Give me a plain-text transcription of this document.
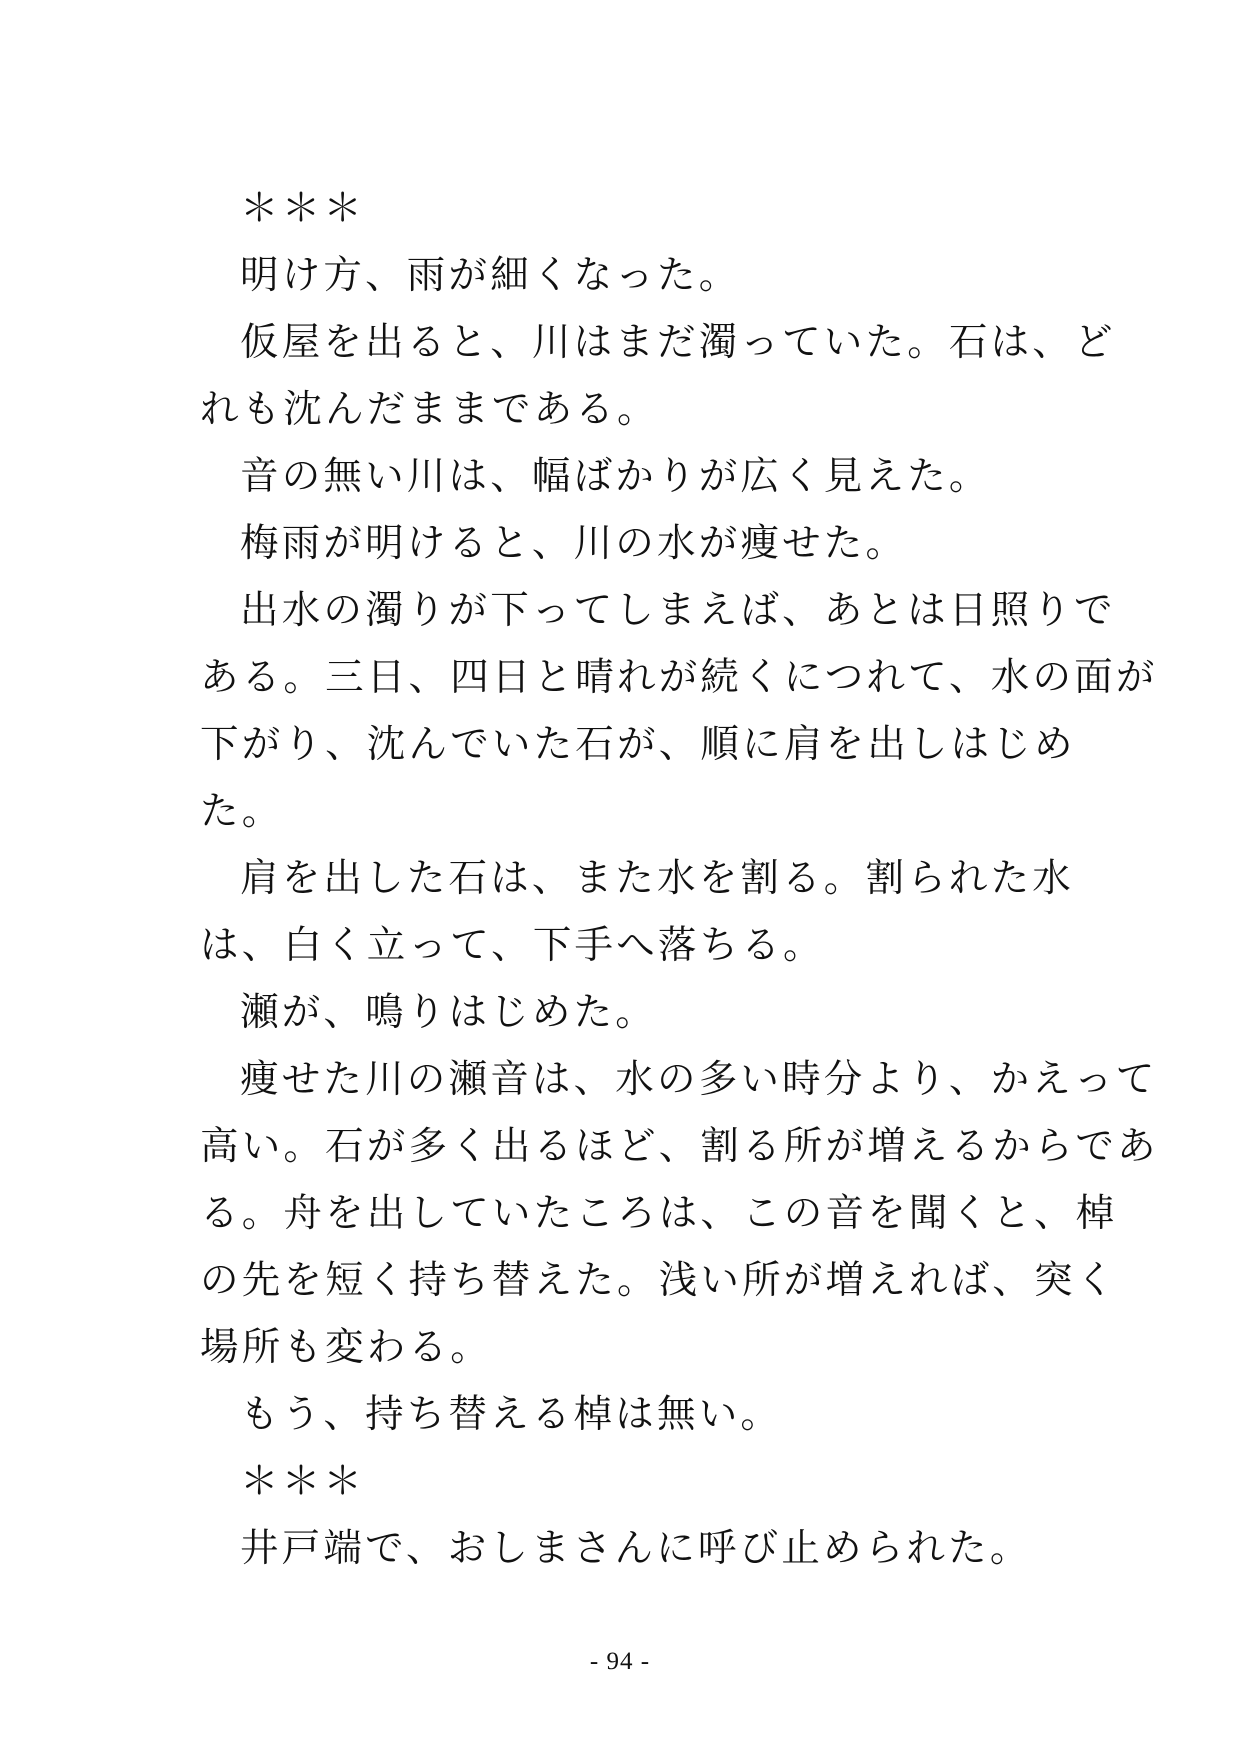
＊＊＊
明け方、雨が細くなった。
仮屋を出ると、川はまだ濁っていた。石は、ど
れも沈んだままである。
音の無い川は、幅ばかりが広く見えた。
梅雨が明けると、川の水が痩せた。
出水の濁りが下ってしまえば、あとは日照りで
ある。三日、四日と晴れが続くにつれて、水の面が
下がり、沈んでいた石が、順に肩を出しはじめ
た。
肩を出した石は、また水を割る。割られた水
は、白く立って、下手へ落ちる。
瀬が、鳴りはじめた。
痩せた川の瀬音は、水の多い時分より、かえって
高い。石が多く出るほど、割る所が増えるからであ
る。舟を出していたころは、この音を聞くと、棹
の先を短く持ち替えた。浅い所が増えれば、突く
場所も変わる。
もう、持ち替える棹は無い。
＊＊＊
井戸端で、おしまさんに呼び止められた。
- 94 -
